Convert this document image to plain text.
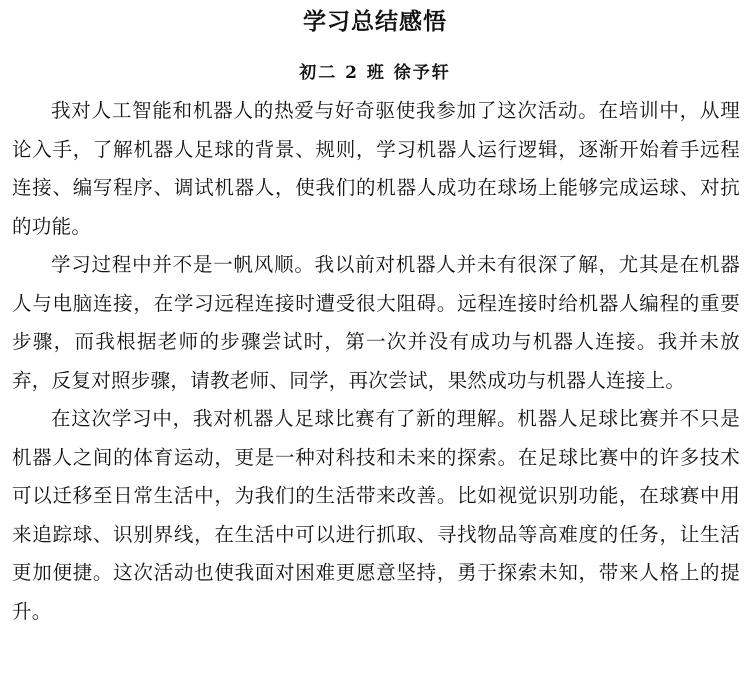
学习总结感悟
初二 2 班 徐予轩

我对人工智能和机器人的热爱与好奇驱使我参加了这次活动。在培训中，从理论入手，了解机器人足球的背景、规则，学习机器人运行逻辑，逐渐开始着手远程连接、编写程序、调试机器人，使我们的机器人成功在球场上能够完成运球、对抗的功能。

学习过程中并不是一帆风顺。我以前对机器人并未有很深了解，尤其是在机器人与电脑连接，在学习远程连接时遭受很大阻碍。远程连接时给机器人编程的重要步骤，而我根据老师的步骤尝试时，第一次并没有成功与机器人连接。我并未放弃，反复对照步骤，请教老师、同学，再次尝试，果然成功与机器人连接上。

在这次学习中，我对机器人足球比赛有了新的理解。机器人足球比赛并不只是机器人之间的体育运动，更是一种对科技和未来的探索。在足球比赛中的许多技术可以迁移至日常生活中，为我们的生活带来改善。比如视觉识别功能，在球赛中用来追踪球、识别界线，在生活中可以进行抓取、寻找物品等高难度的任务，让生活更加便捷。这次活动也使我面对困难更愿意坚持，勇于探索未知，带来人格上的提升。
